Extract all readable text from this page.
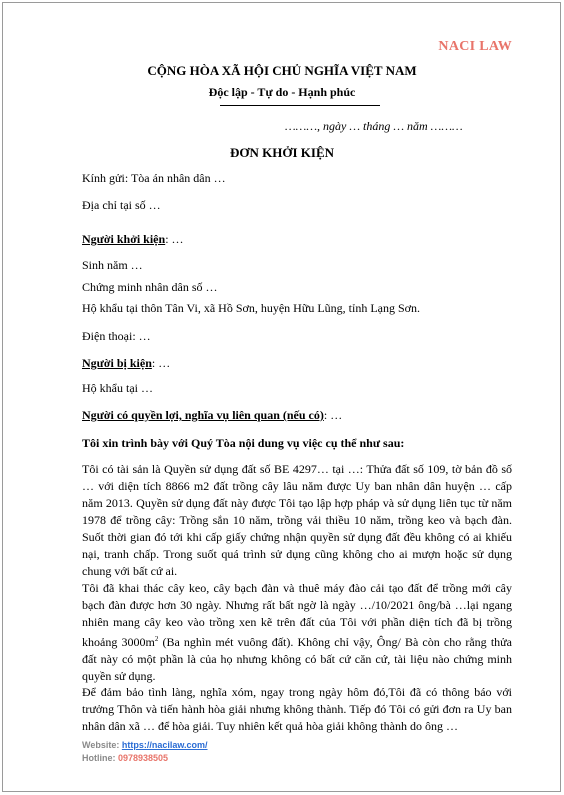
NACI LAW
CỘNG HÒA XÃ HỘI CHỦ NGHĨA VIỆT NAM
Độc lập - Tự do - Hạnh phúc
………, ngày … tháng … năm ………
ĐƠN KHỞI KIỆN
Kính gửi: Tòa án nhân dân …
Địa chỉ tại số …
Người khởi kiện: …
Sinh năm …
Chứng minh nhân dân số …
Hộ khẩu tại thôn Tân Vi, xã Hồ Sơn, huyện Hữu Lũng, tỉnh Lạng Sơn.
Điện thoại: …
Người bị kiện: …
Hộ khẩu tại …
Người có quyền lợi, nghĩa vụ liên quan (nếu có): …
Tôi xin trình bày với Quý Tòa nội dung vụ việc cụ thể như sau:

Tôi có tài sản là Quyền sử dụng đất số BE 4297… tại …: Thửa đất số 109, tờ bản đồ số … với diện tích 8866 m2 đất trồng cây lâu năm được Uy ban nhân dân huyện … cấp năm 2013. Quyền sử dụng đất này được Tôi tạo lập hợp pháp và sử dụng liên tục từ năm 1978 để trồng cây: Trồng sắn 10 năm, trồng vải thiều 10 năm, trồng keo và bạch đàn. Suốt thời gian đó tới khi cấp giấy chứng nhận quyền sử dụng đất đều không có ai khiếu nại, tranh chấp. Trong suốt quá trình sử dụng cũng không cho ai mượn hoặc sử dụng chung với bất cứ ai.

Tôi đã khai thác cây keo, cây bạch đàn và thuê máy đào cải tạo đất để trồng mới cây bạch đàn được hơn 30 ngày. Nhưng rất bất ngờ là ngày …/10/2021 ông/bà …lại ngang nhiên mang cây keo vào trồng xen kẽ trên đất của Tôi với phần diện tích đã bị trồng khoảng $3000m^2$ (Ba nghìn mét vuông đất). Không chỉ vậy, Ông/ Bà còn cho rằng thửa đất này có một phần là của họ nhưng không có bất cứ căn cứ, tài liệu nào chứng minh quyền sử dụng.

Để đảm bảo tình làng, nghĩa xóm, ngay trong ngày hôm đó,Tôi đã có thông báo với trưởng Thôn và tiến hành hòa giải nhưng không thành. Tiếp đó Tôi có gửi đơn ra Uy ban nhân dân xã … để hòa giải. Tuy nhiên kết quả hòa giải không thành do ông …

Website: https://nacilaw.com/
Hotline: 0978938505
